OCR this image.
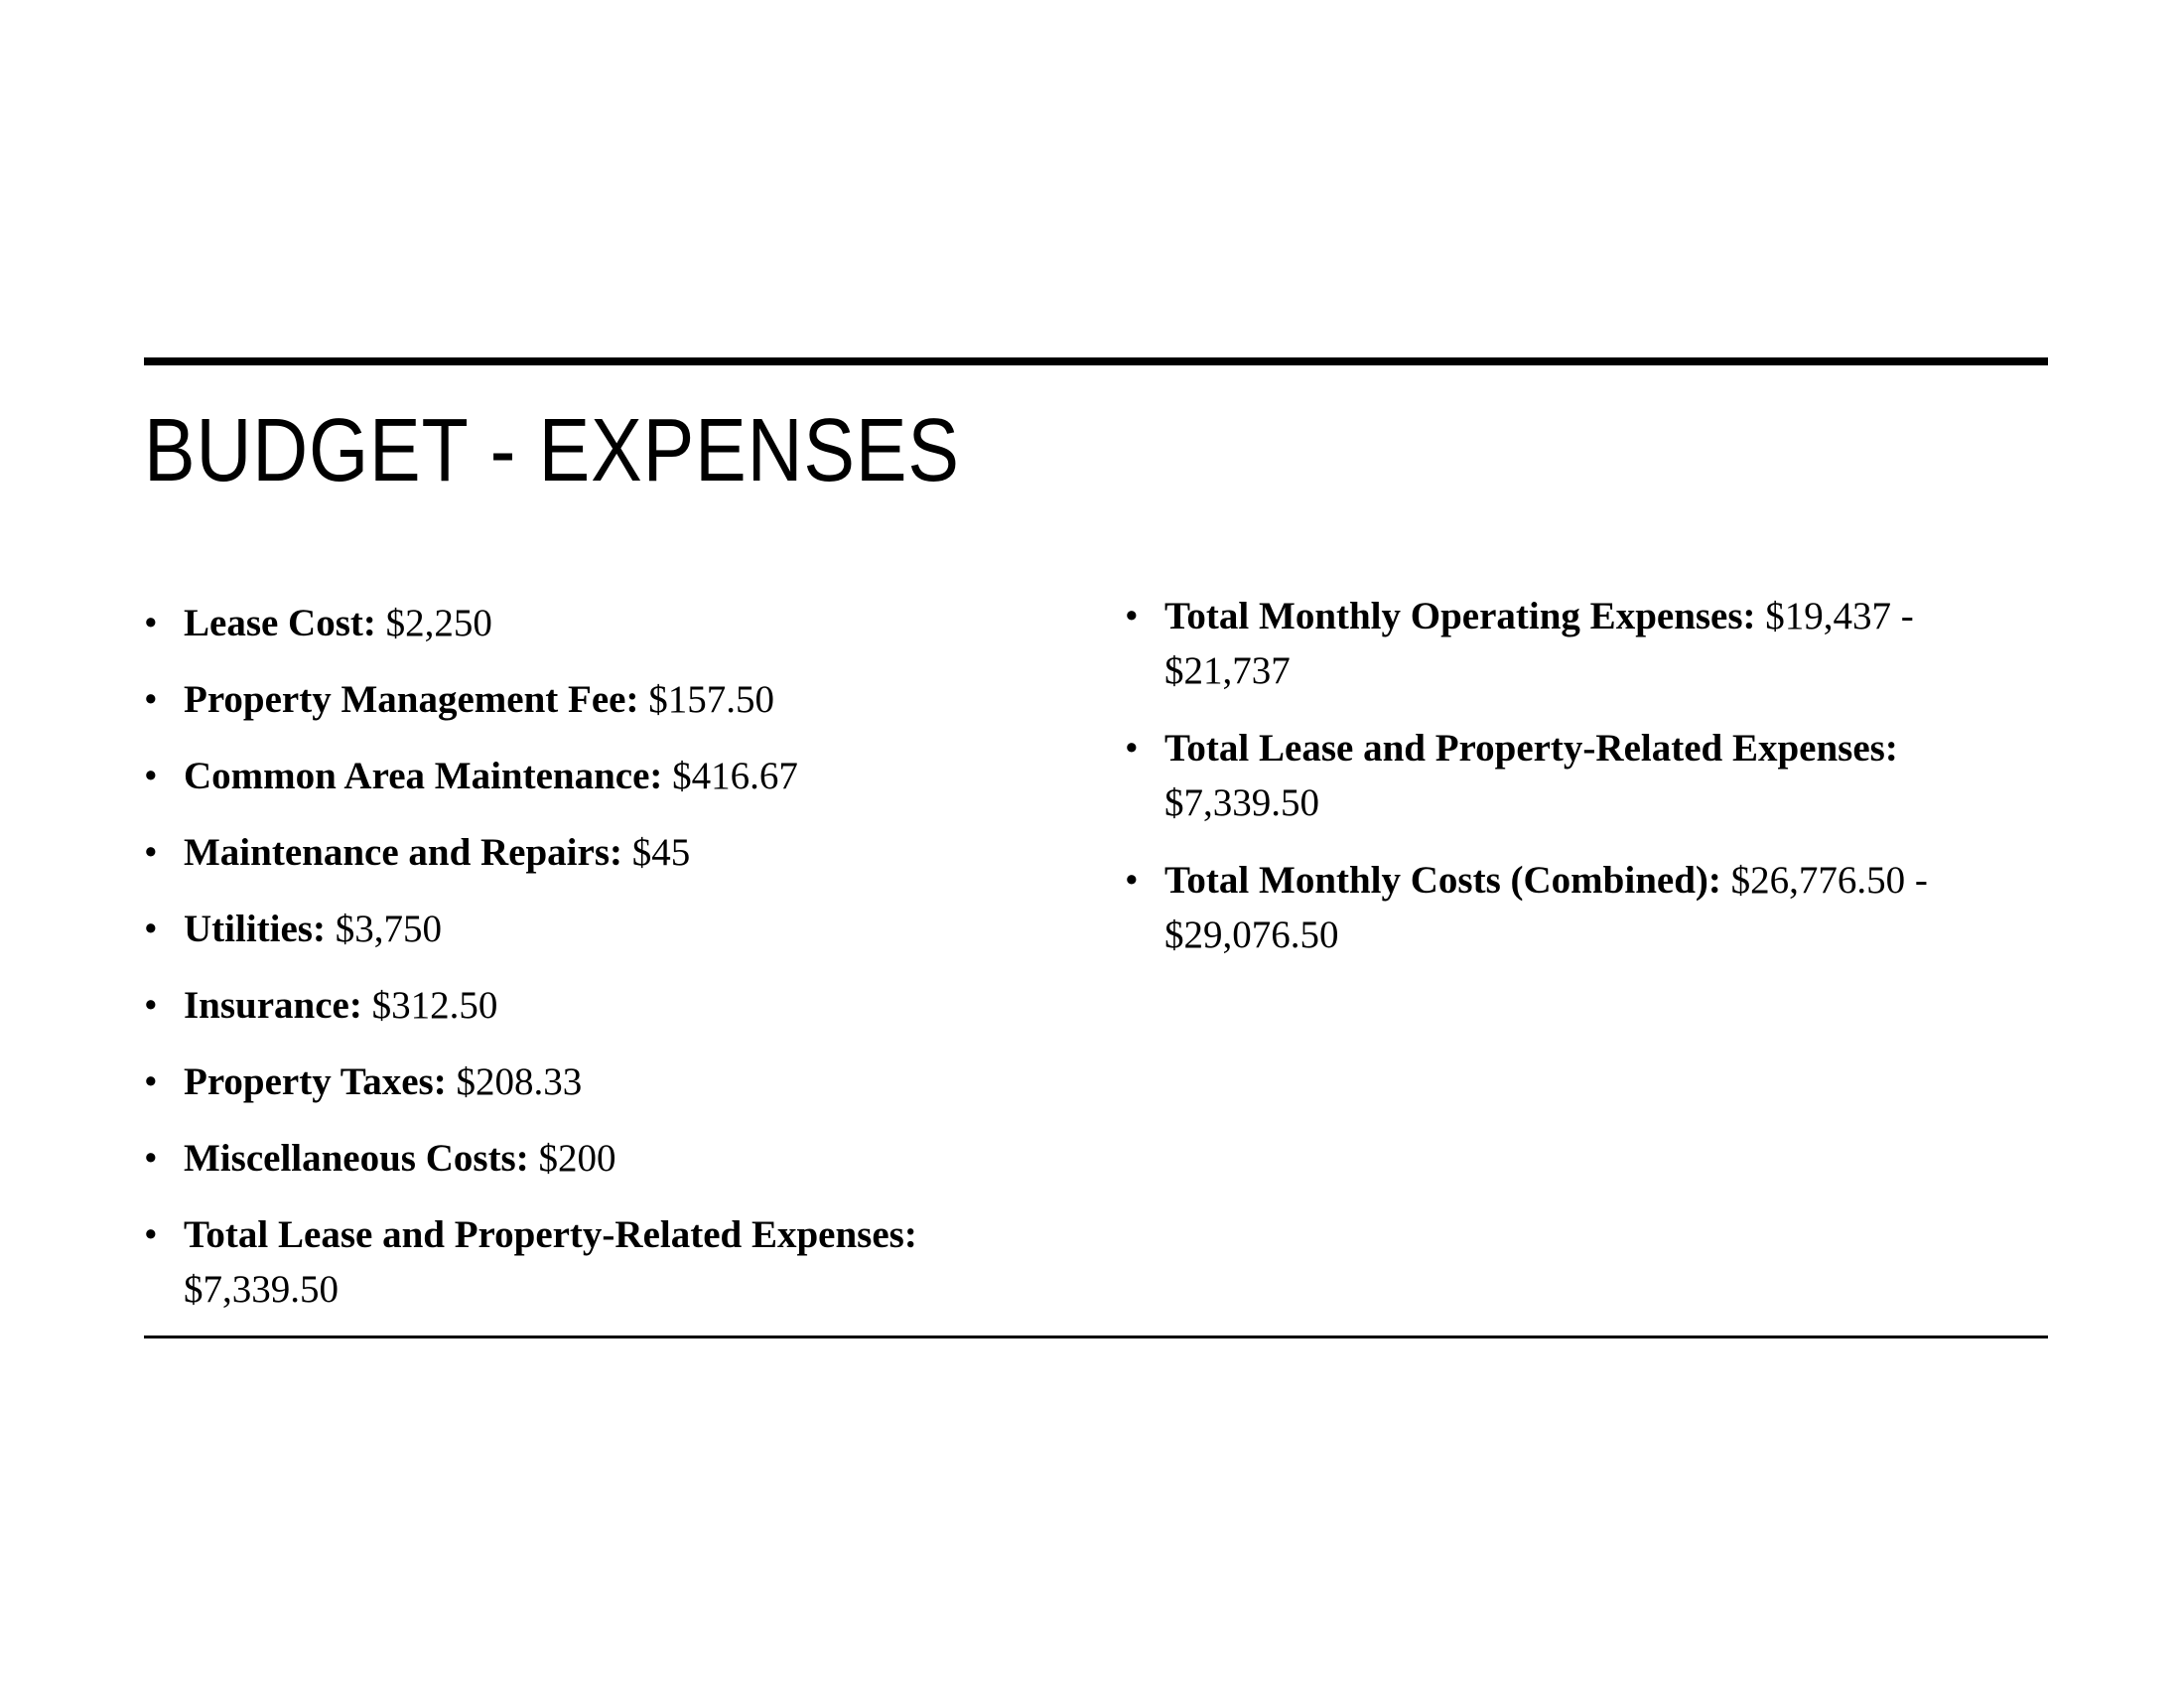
BUDGET - EXPENSES
• Lease Cost: $2,250
• Property Management Fee: $157.50
• Common Area Maintenance: $416.67
• Maintenance and Repairs: $45
• Utilities: $3,750
• Insurance: $312.50
• Property Taxes: $208.33
• Miscellaneous Costs: $200
• Total Lease and Property-Related Expenses: $7,339.50
• Total Monthly Operating Expenses: $19,437 - $21,737
• Total Lease and Property-Related Expenses: $7,339.50
• Total Monthly Costs (Combined): $26,776.50 - $29,076.50
